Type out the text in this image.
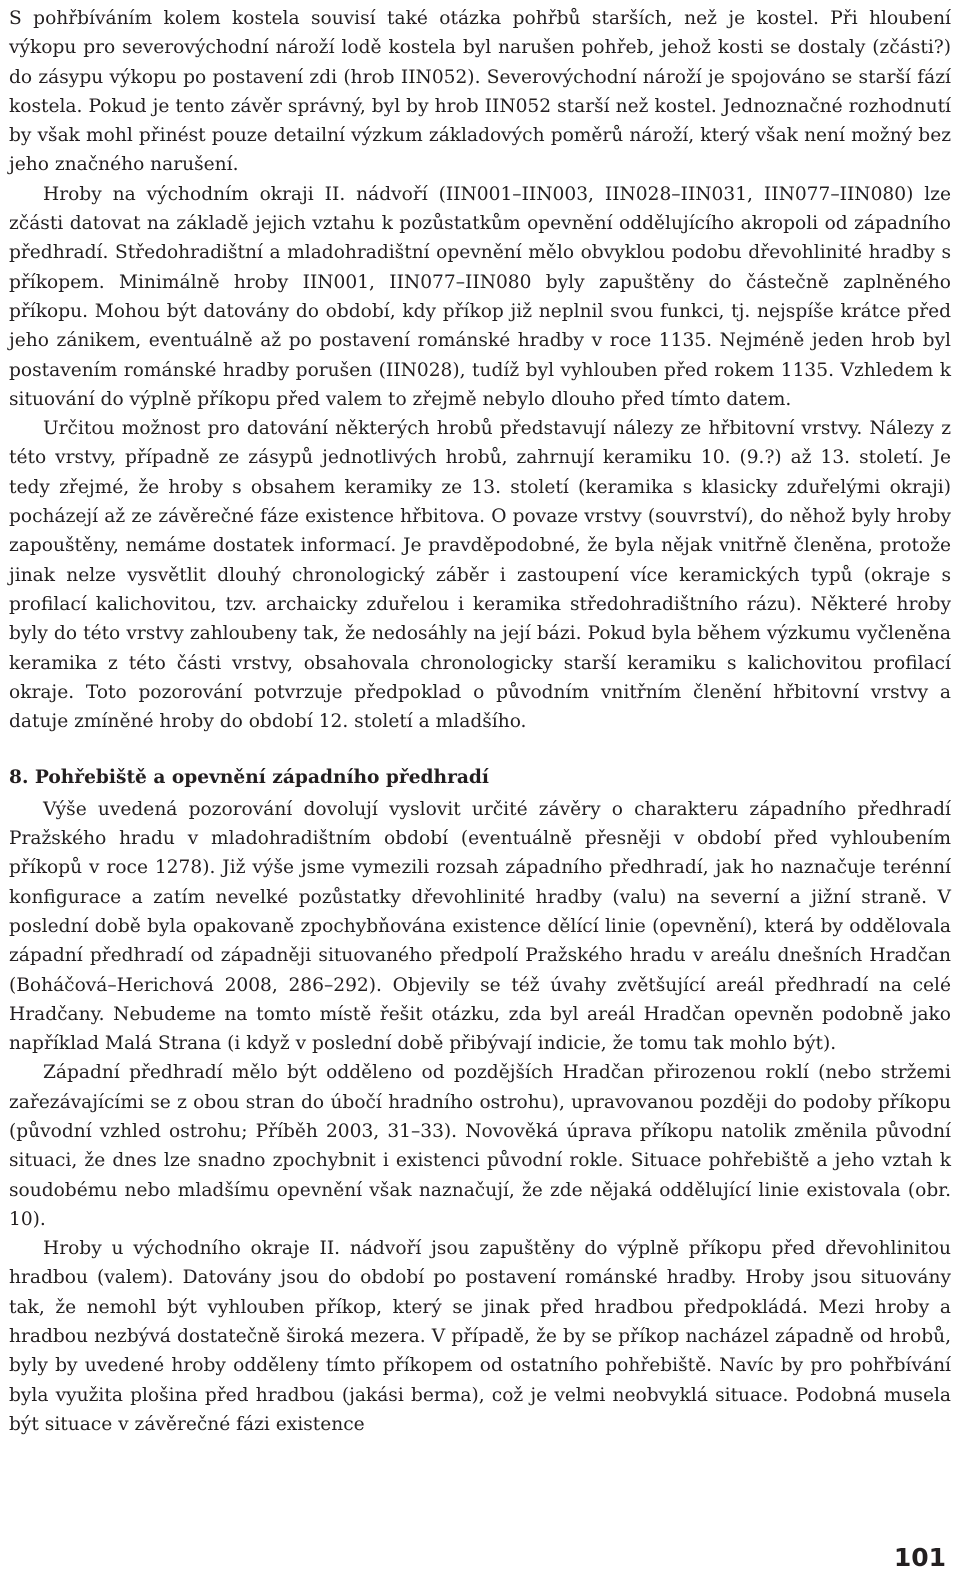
S pohřbíváním kolem kostela souvisí také otázka pohřbů starších, než je kostel. Při hloubení výkopu pro severovýchodní nároží lodě kostela byl narušen pohřeb, jehož kosti se dostaly (zčásti?) do zásypu výkopu po postavení zdi (hrob IIN052). Severovýchodní nároží je spojováno se starší fází kostela. Pokud je tento závěr správný, byl by hrob IIN052 starší než kostel. Jednoznačné rozhodnutí by však mohl přinést pouze detailní výzkum základových poměrů nároží, který však není možný bez jeho značného narušení.

Hroby na východním okraji II. nádvoří (IIN001–IIN003, IIN028–IIN031, IIN077–IIN080) lze zčásti datovat na základě jejich vztahu k pozůstatkům opevnění oddělujícího akropoli od západního předhradí. Středohradištní a mladohradištní opevnění mělo obvyklou podobu dřevohlinité hradby s příkopem. Minimálně hroby IIN001, IIN077–IIN080 byly zapuštěny do částečně zaplněného příkopu. Mohou být datovány do období, kdy příkop již neplnil svou funkci, tj. nejspíše krátce před jeho zánikem, eventuálně až po postavení románské hradby v roce 1135. Nejméně jeden hrob byl postavením románské hradby porušen (IIN028), tudíž byl vyhlouben před rokem 1135. Vzhledem k situování do výplně příkopu před valem to zřejmě nebylo dlouho před tímto datem.

Určitou možnost pro datování některých hrobů představují nálezy ze hřbitovní vrstvy. Nálezy z této vrstvy, případně ze zásypů jednotlivých hrobů, zahrnují keramiku 10. (9.?) až 13. století. Je tedy zřejmé, že hroby s obsahem keramiky ze 13. století (keramika s klasicky zduřelými okraji) pocházejí až ze závěrečné fáze existence hřbitova. O povaze vrstvy (souvrství), do něhož byly hroby zapouštěny, nemáme dostatek informací. Je pravděpodobné, že byla nějak vnitřně členěna, protože jinak nelze vysvětlit dlouhý chronologický záběr i zastoupení více keramických typů (okraje s profilací kalichovitou, tzv. archaicky zduřelou i keramika středohradištního rázu). Některé hroby byly do této vrstvy zahloubeny tak, že nedosáhly na její bázi. Pokud byla během výzkumu vyčleněna keramika z této části vrstvy, obsahovala chronologicky starší keramiku s kalichovitou profilací okraje. Toto pozorování potvrzuje předpoklad o původním vnitřním členění hřbitovní vrstvy a datuje zmíněné hroby do období 12. století a mladšího.

8. Pohřebiště a opevnění západního předhradí

Výše uvedená pozorování dovolují vyslovit určité závěry o charakteru západního předhradí Pražského hradu v mladohradištním období (eventuálně přesněji v období před vyhloubením příkopů v roce 1278). Již výše jsme vymezili rozsah západního předhradí, jak ho naznačuje terénní konfigurace a zatím nevelké pozůstatky dřevohlinité hradby (valu) na severní a jižní straně. V poslední době byla opakovaně zpochybňována existence dělící linie (opevnění), která by oddělovala západní předhradí od západněji situovaného předpolí Pražského hradu v areálu dnešních Hradčan (Boháčová–Herichová 2008, 286–292). Objevily se též úvahy zvětšující areál předhradí na celé Hradčany. Nebudeme na tomto místě řešit otázku, zda byl areál Hradčan opevněn podobně jako například Malá Strana (i když v poslední době přibývají indicie, že tomu tak mohlo být).

Západní předhradí mělo být odděleno od pozdějších Hradčan přirozenou roklí (nebo stržemi zařezávajícími se z obou stran do úbočí hradního ostrohu), upravovanou později do podoby příkopu (původní vzhled ostrohu; Příběh 2003, 31–33). Novověká úprava příkopu natolik změnila původní situaci, že dnes lze snadno zpochybnit i existenci původní rokle. Situace pohřebiště a jeho vztah k soudobému nebo mladšímu opevnění však naznačují, že zde nějaká oddělující linie existovala (obr. 10).

Hroby u východního okraje II. nádvoří jsou zapuštěny do výplně příkopu před dřevohlinitou hradbou (valem). Datovány jsou do období po postavení románské hradby. Hroby jsou situovány tak, že nemohl být vyhlouben příkop, který se jinak před hradbou předpokládá. Mezi hroby a hradbou nezbývá dostatečně široká mezera. V případě, že by se příkop nacházel západně od hrobů, byly by uvedené hroby odděleny tímto příkopem od ostatního pohřebiště. Navíc by pro pohřbívání byla využita plošina před hradbou (jakási berma), což je velmi neobvyklá situace. Podobná musela být situace v závěrečné fázi existence

101
